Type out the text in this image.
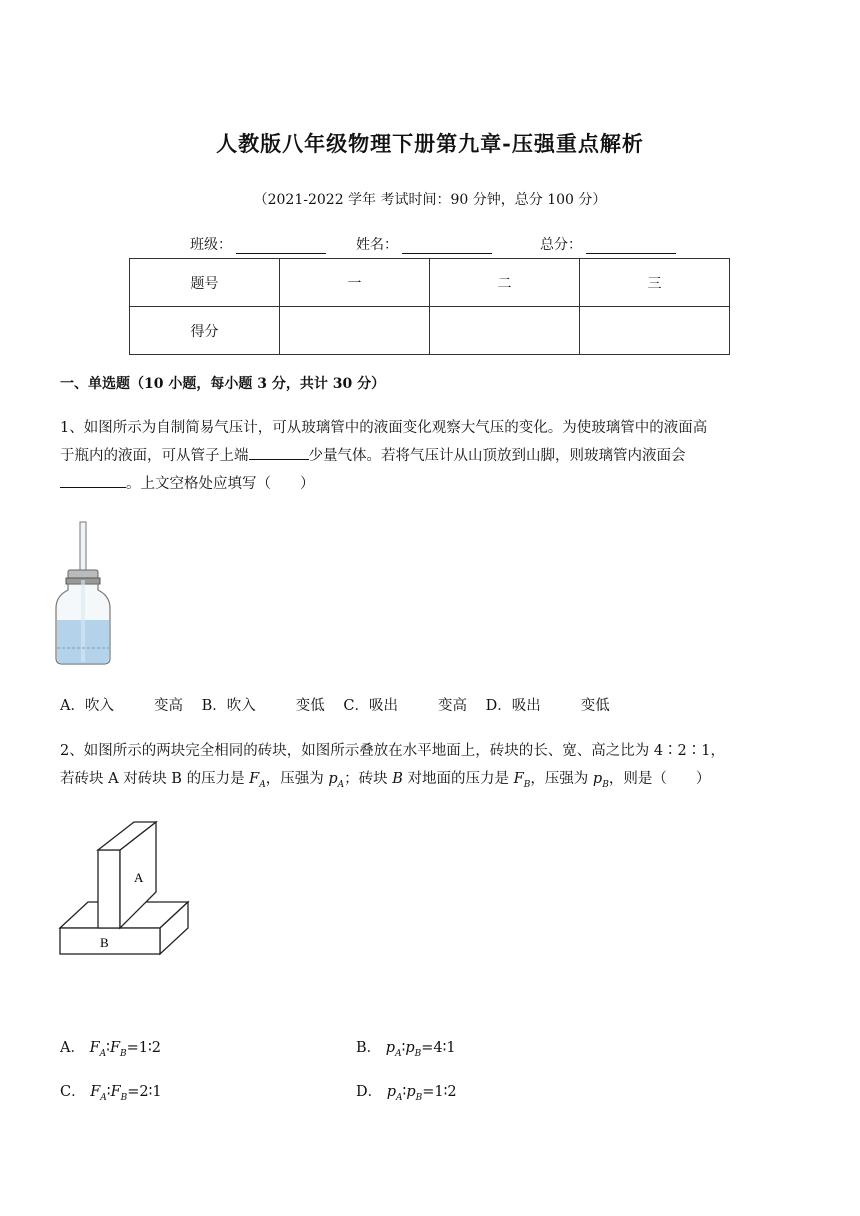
人教版八年级物理下册第九章-压强重点解析
（2021-2022 学年 考试时间：90 分钟，总分 100 分）
班级：	姓名：	总分：
题号	一	二	三
得分			
一、单选题（10 小题，每小题 3 分，共计 30 分）
1、如图所示为自制简易气压计，可从玻璃管中的液面变化观察大气压的变化。为使玻璃管中的液面高
于瓶内的液面，可从管子上端	少量气体。若将气压计从山顶放到山脚，则玻璃管内液面会
。上文空格处应填写（　　）
A．吹入	变高 B．吹入	变低 C．吸出	变高 D．吸出	变低
2、如图所示的两块完全相同的砖块，如图所示叠放在水平地面上，砖块的长、宽、高之比为 4∶2∶1，
若砖块 A 对砖块 B 的压力是 $F_A$，压强为 $p_A$；砖块 B 对地面的压力是 $F_B$，压强为 $p_B$，则是（　　）
A
B
A． $F_A∶F_B=1∶2$	B． $p_A∶p_B=4∶1$
C． $F_A∶F_B=2∶1$	D． $p_A∶p_B=1∶2$
